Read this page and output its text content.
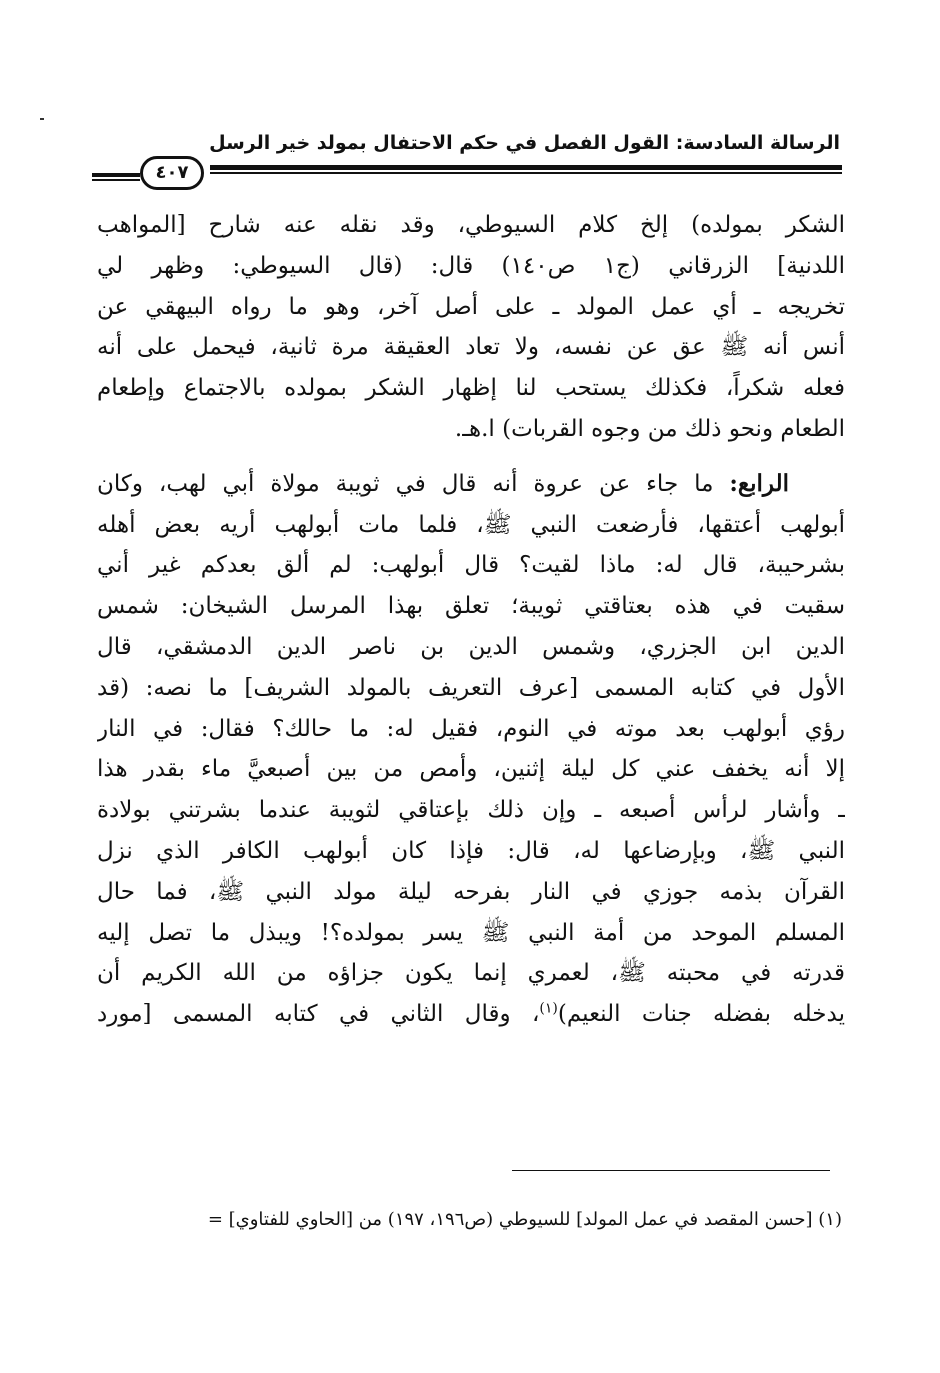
الرسالة السادسة: القول الفصل في حكم الاحتفال بمولد خير الرسل
٤٠٧
الشكر بمولده) إلخ كلام السيوطي، وقد نقله عنه شارح [المواهب
اللدنية] الزرقاني (ج١ ص١٤٠) قال: (قال السيوطي: وظهر لي
تخريجه ـ أي عمل المولد ـ على أصل آخر، وهو ما رواه البيهقي عن
أنس أنه ﷺ عق عن نفسه، ولا تعاد العقيقة مرة ثانية، فيحمل على أنه
فعله شكراً، فكذلك يستحب لنا إظهار الشكر بمولده بالاجتماع وإطعام
الطعام ونحو ذلك من وجوه القربات) ا.هـ.
الرابع: ما جاء عن عروة أنه قال في ثويبة مولاة أبي لهب، وكان
أبولهب أعتقها، فأرضعت النبي ﷺ، فلما مات أبولهب أريه بعض أهله
بشرحيبة، قال له: ماذا لقيت؟ قال أبولهب: لم ألق بعدكم غير أني
سقيت في هذه بعتاقتي ثويبة؛ تعلق بهذا المرسل الشيخان: شمس
الدين ابن الجزري، وشمس الدين بن ناصر الدين الدمشقي، قال
الأول في كتابه المسمى [عرف التعريف بالمولد الشريف] ما نصه: (قد
رؤي أبولهب بعد موته في النوم، فقيل له: ما حالك؟ فقال: في النار
إلا أنه يخفف عني كل ليلة إثنين، وأمص من بين أصبعيَّ ماء بقدر هذا
ـ وأشار لرأس أصبعه ـ وإن ذلك بإعتاقي لثويبة عندما بشرتني بولادة
النبي ﷺ، وبإرضاعها له، قال: فإذا كان أبولهب الكافر الذي نزل
القرآن بذمه جوزي في النار بفرحه ليلة مولد النبي ﷺ، فما حال
المسلم الموحد من أمة النبي ﷺ يسر بمولده؟! ويبذل ما تصل إليه
قدرته في محبته ﷺ، لعمري إنما يكون جزاؤه من الله الكريم أن
يدخله بفضله جنات النعيم)$^{(١)}$، وقال الثاني في كتابه المسمى [مورد
(١) [حسن المقصد في عمل المولد] للسيوطي (ص١٩٦، ١٩٧) من [الحاوي للفتاوي] =
